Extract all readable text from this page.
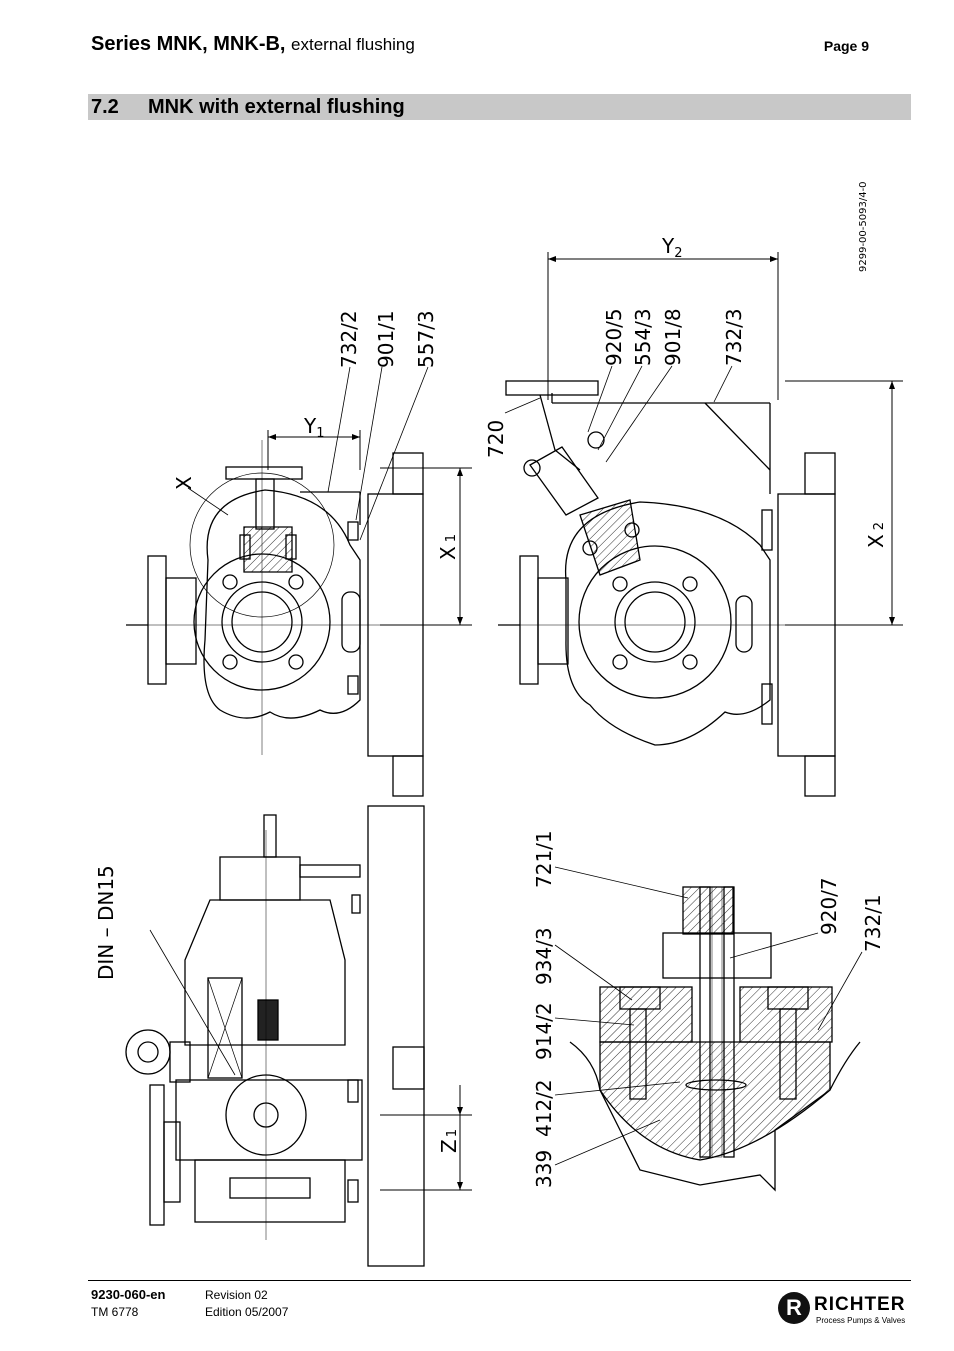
Series MNK, MNK-B, external flushing	Page 9
7.2 MNK with external flushing
9299-00-5093/4-0
732/2 901/1 557/3	920/5 554/3 901/8 732/3
720
X
$Y_1$
$Y_2$
X1	X2
Z1
DIN – DN15
721/1
934/3
914/2
412/2
339
920/7 732/1
9230-060-en
TM 6778
Revision 02
Edition 05/2007	R RICHTER
Process Pumps & Valves
